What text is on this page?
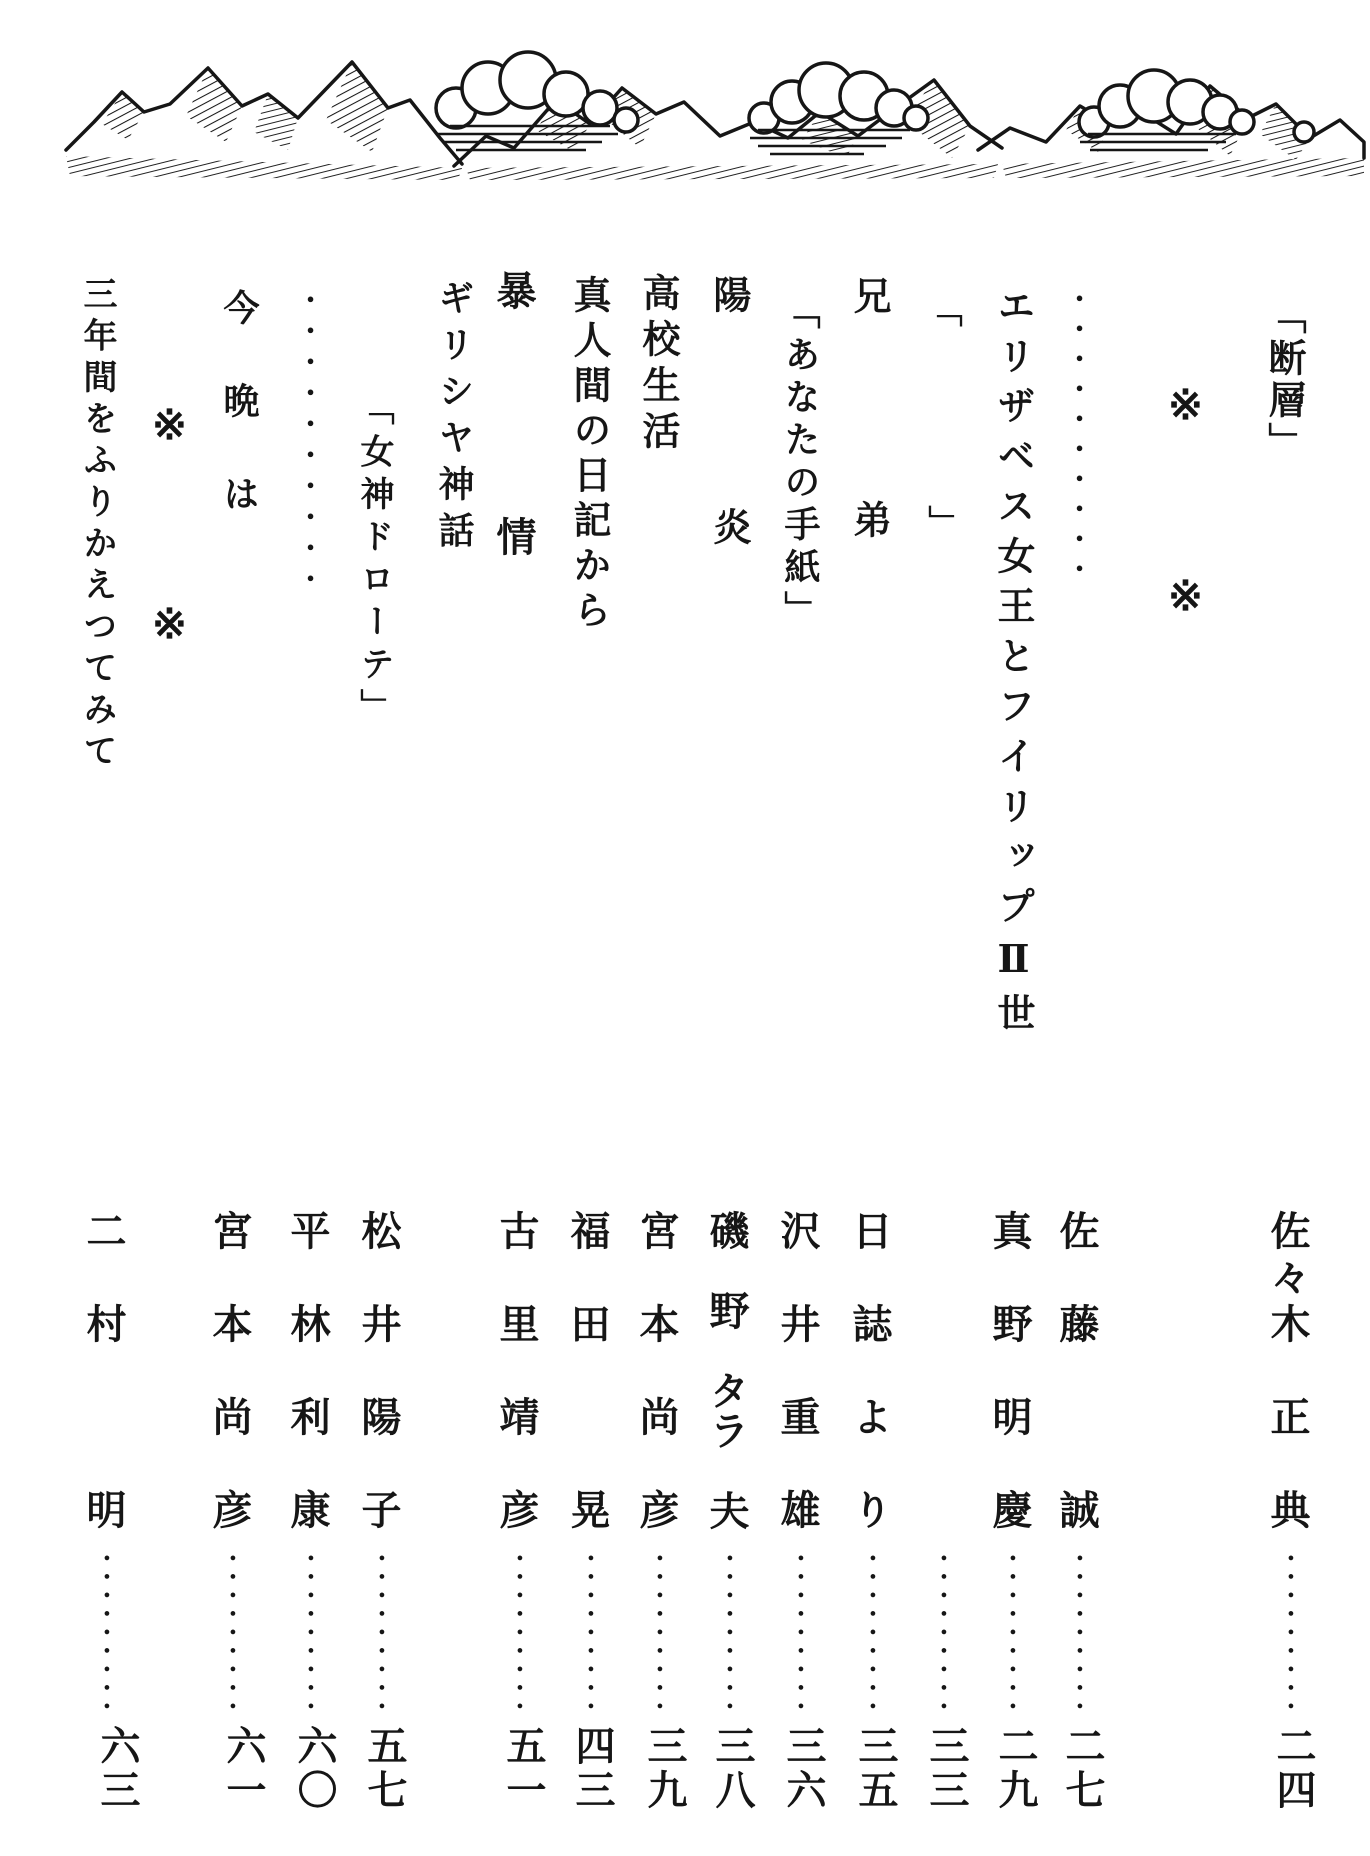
「断層」
※　※
●●●●●●●●●●
エリザベス女王とフイリップⅡ世
「　」
兄　弟
「あなたの手紙」
陽　炎
高校生活
真人間の日記から
暴　情
ギリシヤ神話
「女神ドローテ」
●●●●●●●●●●
今晩は
※　※
三年間をふりかえつてみて
佐々木　正　典
佐藤　誠
真野明慶
日誌より
沢井重雄
磯　野　タラ　夫
宮本尚彦
福田　晃
古里靖彦
松井陽子
平林利康
宮本尚彦
二村　明
●●●●●●●●●
●●●●●●●●●
●●●●●●●●●
●●●●●●●●●
●●●●●●●●●
●●●●●●●●●
●●●●●●●●●
●●●●●●●●●
●●●●●●●●●
●●●●●●●●●
●●●●●●●●●
●●●●●●●●●
●●●●●●●●●
●●●●●●●●●
二四
二七
二九
三三
三五
三六
三八
三九
四三
五一
五七
六〇
六一
六三
